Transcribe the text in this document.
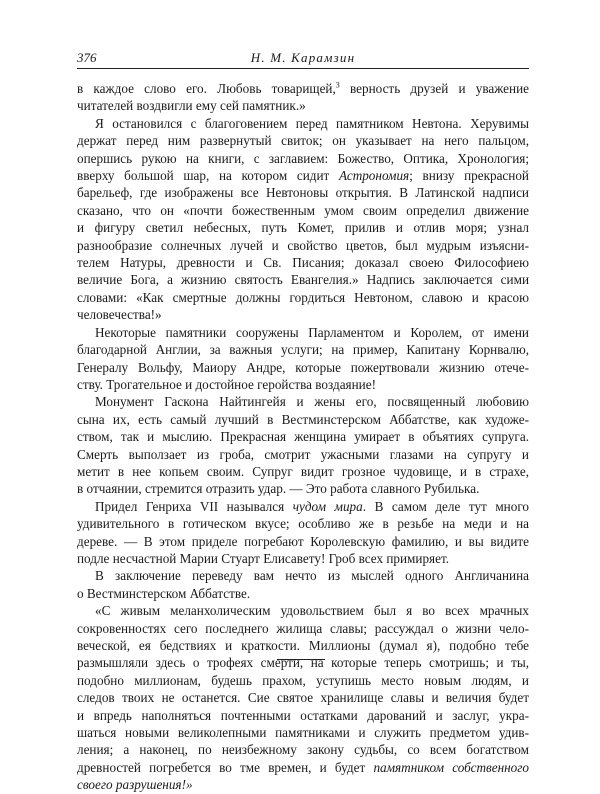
376	Н. М. Карамзин
в каждое слово его. Любовь товарищей,$^3$ верность друзей и уважение
читателей воздвигли ему сей памятник.»
Я остановился с благоговением перед памятником Невтона. Херувимы
держат перед ним развернутый свиток; он указывает на него пальцом,
опершись рукою на книги, с заглавием: Божество, Оптика, Хронология;
вверху большой шар, на котором сидит Астрономия; внизу прекрасной
барельеф, где изображены все Невтоновы открытия. В Латинской надписи
сказано, что он «почти божественным умом своим определил движение
и фигуру светил небесных, путь Комет, прилив и отлив моря; узнал
разнообразие солнечных лучей и свойство цветов, был мудрым изъясни-
телем Натуры, древности и Св. Писания; доказал своею Философиею
величие Бога, а жизнию святость Евангелия.» Надпись заключается сими
словами: «Как смертные должны гордиться Невтоном, славою и красою
человечества!»
Некоторые памятники сооружены Парламентом и Королем, от имени
благодарной Англии, за важныя услуги; на пример, Капитану Корнвалю,
Генералу Вольфу, Маиору Андре, которые пожертвовали жизнию отече-
ству. Трогательное и достойное геройства воздаяние!
Монумент Гаскона Найтингейя и жены его, посвященный любовию
сына их, есть самый лучший в Вестминстерском Аббатстве, как художе-
ством, так и мыслию. Прекрасная женщина умирает в объятиях супруга.
Смерть выползает из гроба, смотрит ужасными глазами на супругу и
метит в нее копьем своим. Супруг видит грозное чудовище, и в страхе,
в отчаянии, стремится отразить удар. — Это работа славного Рубилька.
Придел Генриха VII называлcя чудом мира. В самом деле тут много
удивительного в готическом вкусе; особливо же в резьбе на меди и на
дереве. — В этом приделе погребают Королевскую фамилию, и вы видите
подле несчастной Марии Стуарт Елисавету! Гроб всех примиряет.
В заключение переведу вам нечто из мыслей одного Англичанина
о Вестминстерском Аббатстве.
«С живым меланхолическим удовольствием был я во всех мрачных
сокровенностях сего последнего жилища славы; рассуждал о жизни чело-
веческой, ея бедствиях и краткости. Миллионы (думал я), подобно тебе
размышляли здесь о трофеях смерти, на которые теперь смотришь; и ты,
подобно миллионам, будешь прахом, уступишь место новым людям, и
следов твоих не останется. Сие святое хранилище славы и величия будет
и впредь наполняться почтенными остатками дарований и заслуг, укра-
шаться новыми великолепными памятниками и служить предметом удив-
ления; а наконец, по неизбежному закону судьбы, со всем богатством
древностей погребется во тме времен, и будет памятником собственного
своего разрушения!»
